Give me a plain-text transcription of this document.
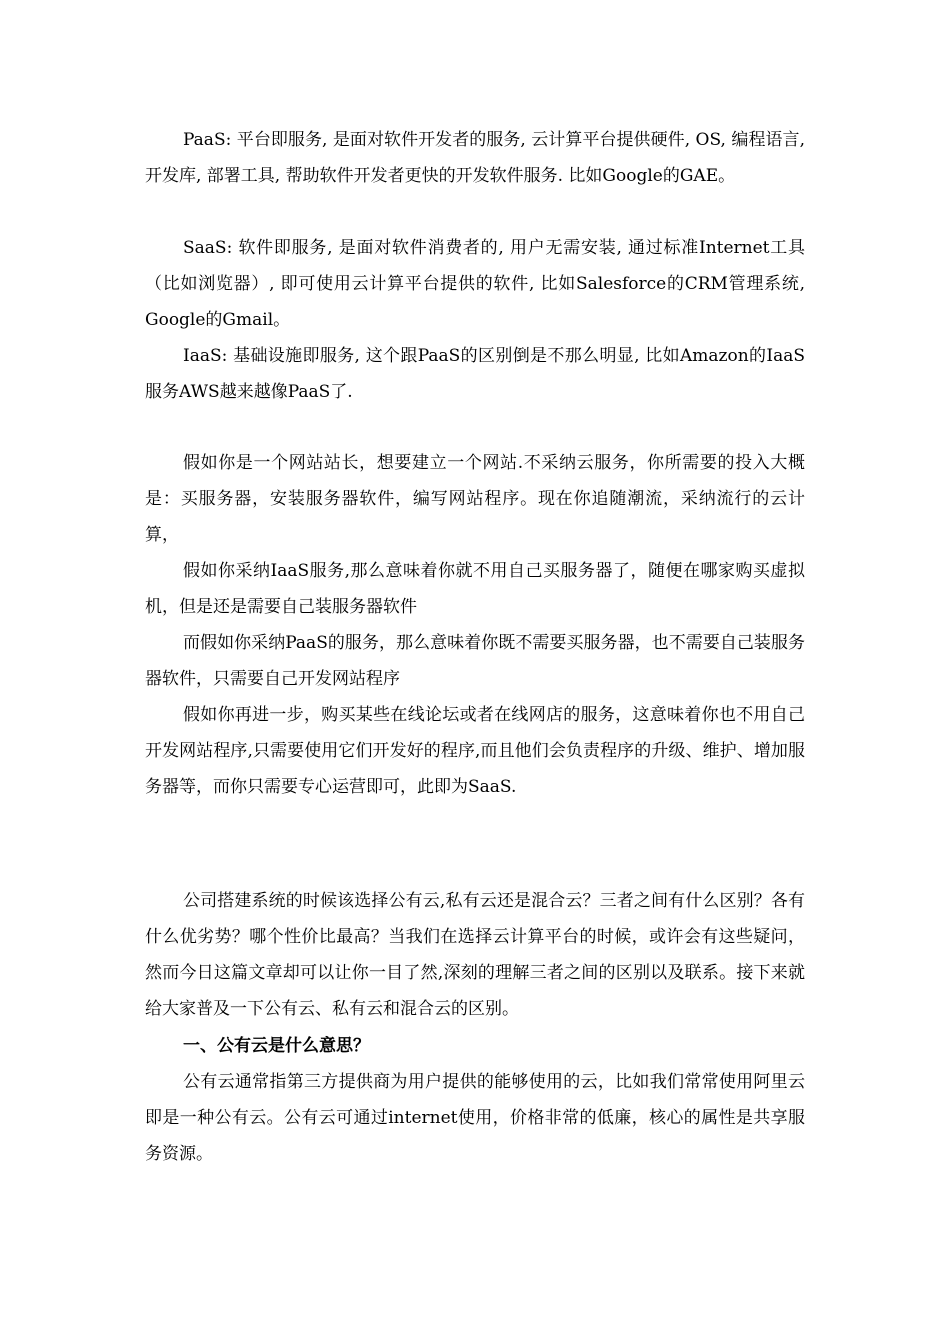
PaaS: 平台即服务, 是面对软件开发者的服务, 云计算平台提供硬件, OS, 编程语言, 开发库, 部署工具, 帮助软件开发者更快的开发软件服务. 比如Google的GAE。

SaaS: 软件即服务, 是面对软件消费者的, 用户无需安装, 通过标准Internet工具（比如浏览器）, 即可使用云计算平台提供的软件, 比如Salesforce的CRM管理系统, Google的Gmail。

IaaS: 基础设施即服务, 这个跟PaaS的区别倒是不那么明显, 比如Amazon的IaaS服务AWS越来越像PaaS了.

假如你是一个网站站长，想要建立一个网站.不采纳云服务，你所需要的投入大概是：买服务器，安装服务器软件，编写网站程序。现在你追随潮流，采纳流行的云计算，

假如你采纳IaaS服务,那么意味着你就不用自己买服务器了，随便在哪家购买虚拟机，但是还是需要自己装服务器软件

而假如你采纳PaaS的服务，那么意味着你既不需要买服务器，也不需要自己装服务器软件，只需要自己开发网站程序

假如你再进一步，购买某些在线论坛或者在线网店的服务，这意味着你也不用自己开发网站程序,只需要使用它们开发好的程序,而且他们会负责程序的升级、维护、增加服务器等，而你只需要专心运营即可，此即为SaaS.

公司搭建系统的时候该选择公有云,私有云还是混合云？三者之间有什么区别？各有什么优劣势？哪个性价比最高？当我们在选择云计算平台的时候，或许会有这些疑问，然而今日这篇文章却可以让你一目了然,深刻的理解三者之间的区别以及联系。接下来就给大家普及一下公有云、私有云和混合云的区别。

一、公有云是什么意思？

公有云通常指第三方提供商为用户提供的能够使用的云，比如我们常常使用阿里云即是一种公有云。公有云可通过internet使用，价格非常的低廉，核心的属性是共享服务资源。
